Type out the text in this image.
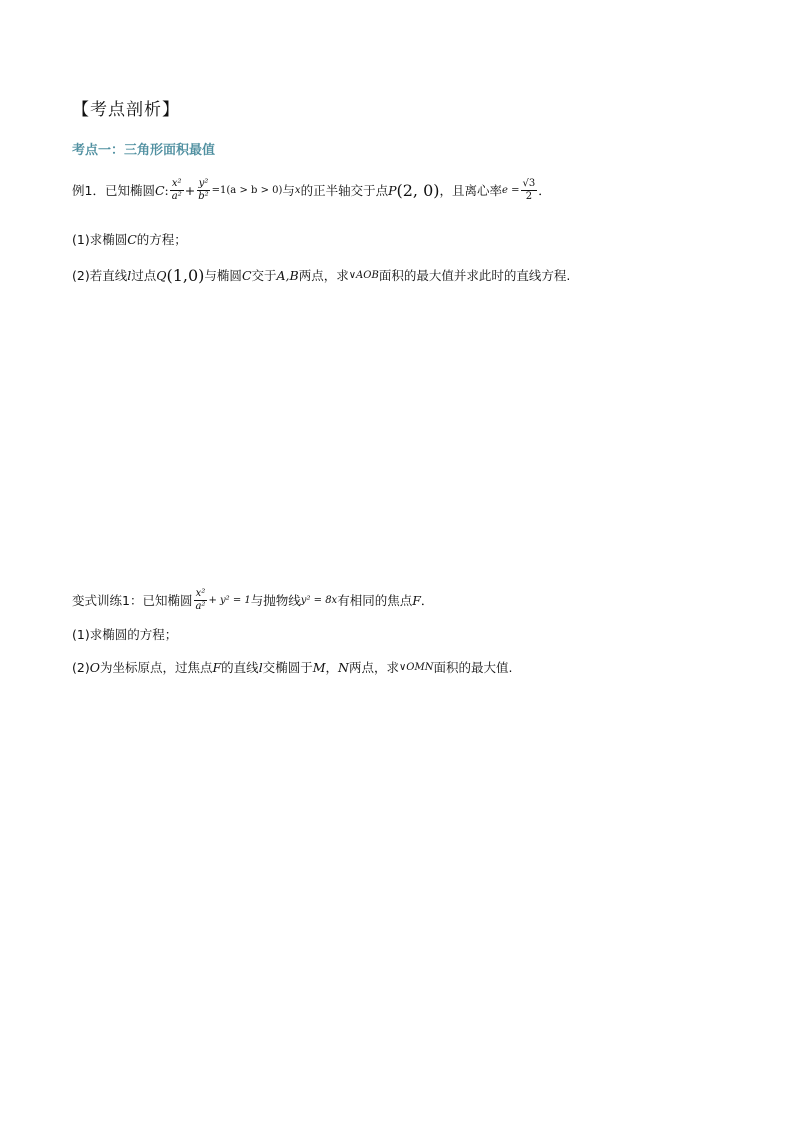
【考点剖析】
考点一：三角形面积最值
例1．已知椭圆 C : $\frac{\text{x²}}{\text{a²}} + \frac{\text{y²}}{\text{b²}} =1(a > b > 0)$ 与 x 的正半轴交于点 P (2, 0) ，且离心率 $e = \frac{√3}{2}$ ．
(1)求椭圆 C 的方程；
(2)若直线 l 过点 Q (1,0) 与椭圆 C 交于 A,B 两点，求 ∨AOB 面积的最大值并求此时的直线方程.
变式训练1：已知椭圆 $\frac{\text{x²}}{\text{a²}} + y^2 = 1$ 与抛物线 y² = 8x 有相同的焦点 F ．
(1)求椭圆的方程；
(2) O 为坐标原点，过焦点 F 的直线 l 交椭圆于 M ， N 两点，求 ∨OMN 面积的最大值.
